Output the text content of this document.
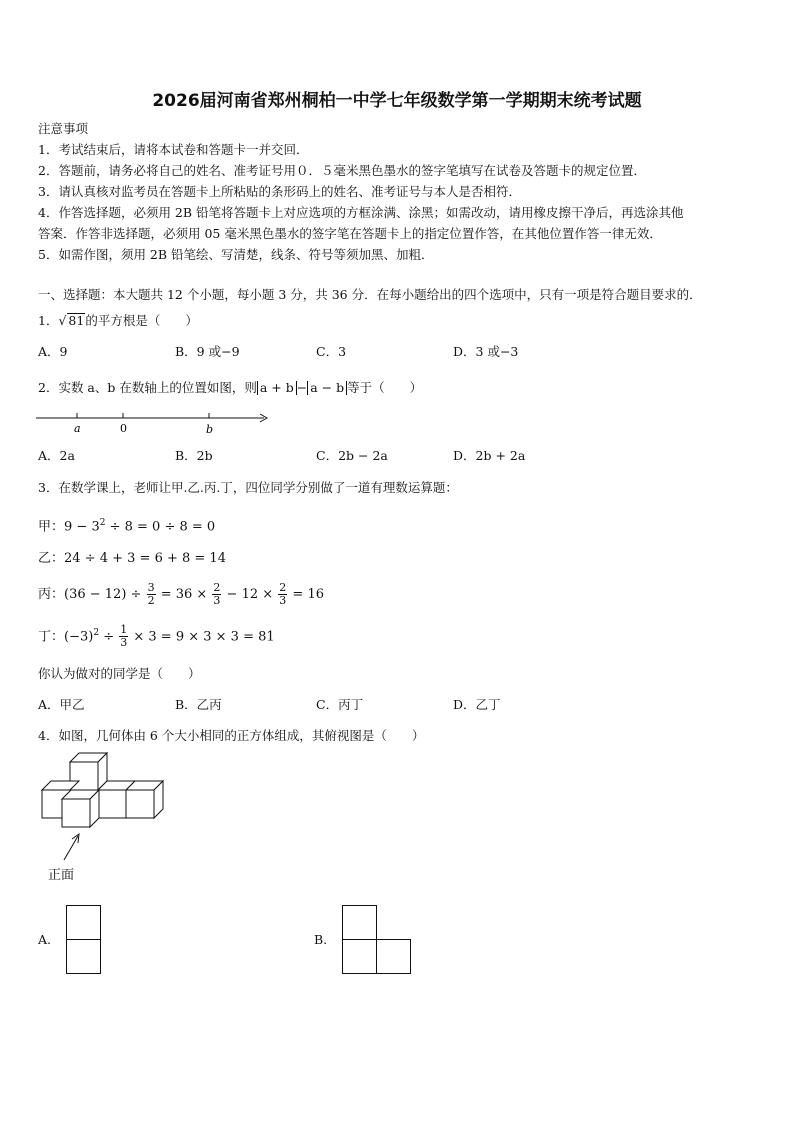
2026届河南省郑州桐柏一中学七年级数学第一学期期末统考试题
注意事项
1．考试结束后，请将本试卷和答题卡一并交回．
2．答题前，请务必将自己的姓名、准考证号用０．５毫米黑色墨水的签字笔填写在试卷及答题卡的规定位置．
3．请认真核对监考员在答题卡上所粘贴的条形码上的姓名、准考证号与本人是否相符．
4．作答选择题，必须用 2B 铅笔将答题卡上对应选项的方框涂满、涂黑；如需改动，请用橡皮擦干净后，再选涂其他
答案．作答非选择题，必须用 05 毫米黑色墨水的签字笔在答题卡上的指定位置作答，在其他位置作答一律无效．
5．如需作图，须用 2B 铅笔绘、写清楚，线条、符号等须加黑、加粗．
一、选择题：本大题共 12 个小题，每小题 3 分，共 36 分．在每小题给出的四个选项中，只有一项是符合题目要求的．
1．√ 81的平方根是（　　）
A．9	B．9 或−9	C．3	D．3 或−3
2．实数 a、b 在数轴上的位置如图，则 a + b − a − b 等于（　　）
a	0	b
A．2a	B．2b	C．2b − 2a	D．2b + 2a
3．在数学课上，老师让甲.乙.丙.丁，四位同学分别做了一道有理数运算题：
甲：$9 - 3^2 \div 8 = 0 \div 8 = 0$
乙：24 ÷ 4 + 3 = 6 + 8 = 14
丙：$(36 - 12) \div \frac{3}{2} = 36 \times \frac{2}{3} - 12 \times \frac{2}{3} = 16$
丁：$(-3)^2 \div \frac{1}{3} \times 3 = 9 \times 3 \times 3 = 81$
你认为做对的同学是（　　）
A．甲乙	B．乙丙	C．丙丁	D．乙丁
4．如图，几何体由 6 个大小相同的正方体组成，其俯视图是（　　）
正面
A.	B.
